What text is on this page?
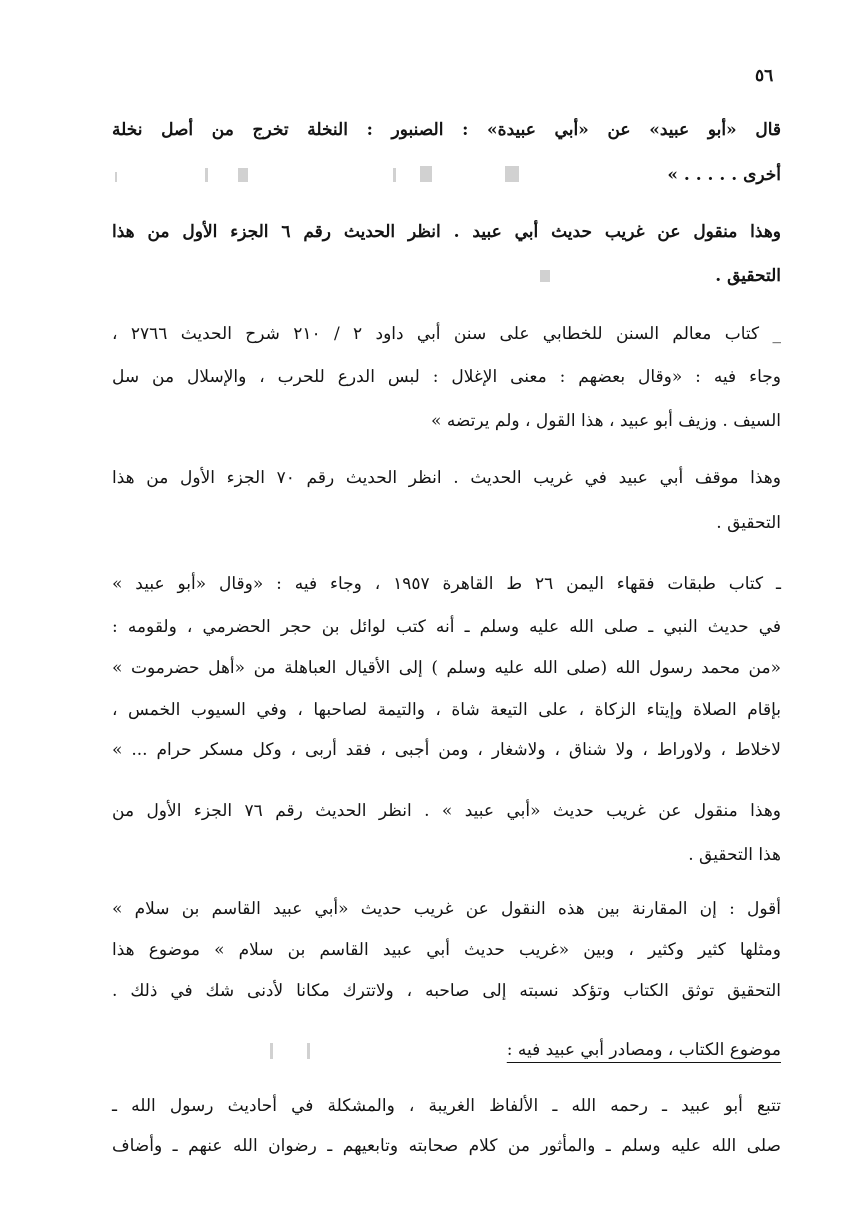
٥٦
قال «أبو عبيد» عن «أبي عبيدة» : الصنبور : النخلة تخرج من أصل نخلة
أخرى . . . . . »
وهذا منقول عن غريب حديث أبي عبيد . انظر الحديث رقم ٦ الجزء الأول من هذا
التحقيق .
_ كتاب معالم السنن للخطابي على سنن أبي داود ٢ / ٢١٠ شرح الحديث ٢٧٦٦ ،
وجاء فيه : «وقال بعضهم : معنى الإغلال : لبس الدرع للحرب ، والإسلال من سل
السيف . وزيف أبو عبيد ، هذا القول ، ولم يرتضه »
وهذا موقف أبي عبيد في غريب الحديث . انظر الحديث رقم ٧٠ الجزء الأول من هذا
التحقيق .
ـ كتاب طبقات فقهاء اليمن ٢٦ ط القاهرة ١٩٥٧ ، وجاء فيه : «وقال «أبو عبيد »
في حديث النبي ـ صلى الله عليه وسلم ـ أنه كتب لوائل بن حجر الحضرمي ، ولقومه :
«من محمد رسول الله (صلى الله عليه وسلم ) إلى الأقيال العباهلة من «أهل حضرموت »
بإقام الصلاة وإيتاء الزكاة ، على التيعة شاة ، والتيمة لصاحبها ، وفي السيوب الخمس ،
لاخلاط ، ولاوراط ، ولا شناق ، ولاشغار ، ومن أجبى ، فقد أربى ، وكل مسكر حرام ... »
وهذا منقول عن غريب حديث «أبي عبيد » . انظر الحديث رقم ٧٦ الجزء الأول من
هذا التحقيق .
أقول : إن المقارنة بين هذه النقول عن غريب حديث «أبي عبيد القاسم بن سلام »
ومثلها كثير وكثير ، وبين «غريب حديث أبي عبيد القاسم بن سلام » موضوع هذا
التحقيق توثق الكتاب وتؤكد نسبته إلى صاحبه ، ولاتترك مكانا لأدنى شك في ذلك .
موضوع الكتاب ، ومصادر أبي عبيد فيه :
تتبع أبو عبيد ـ رحمه الله ـ الألفاظ الغريبة ، والمشكلة في أحاديث رسول الله ـ
صلى الله عليه وسلم ـ والمأثور من كلام صحابته وتابعيهم ـ رضوان الله عنهم ـ وأضاف
